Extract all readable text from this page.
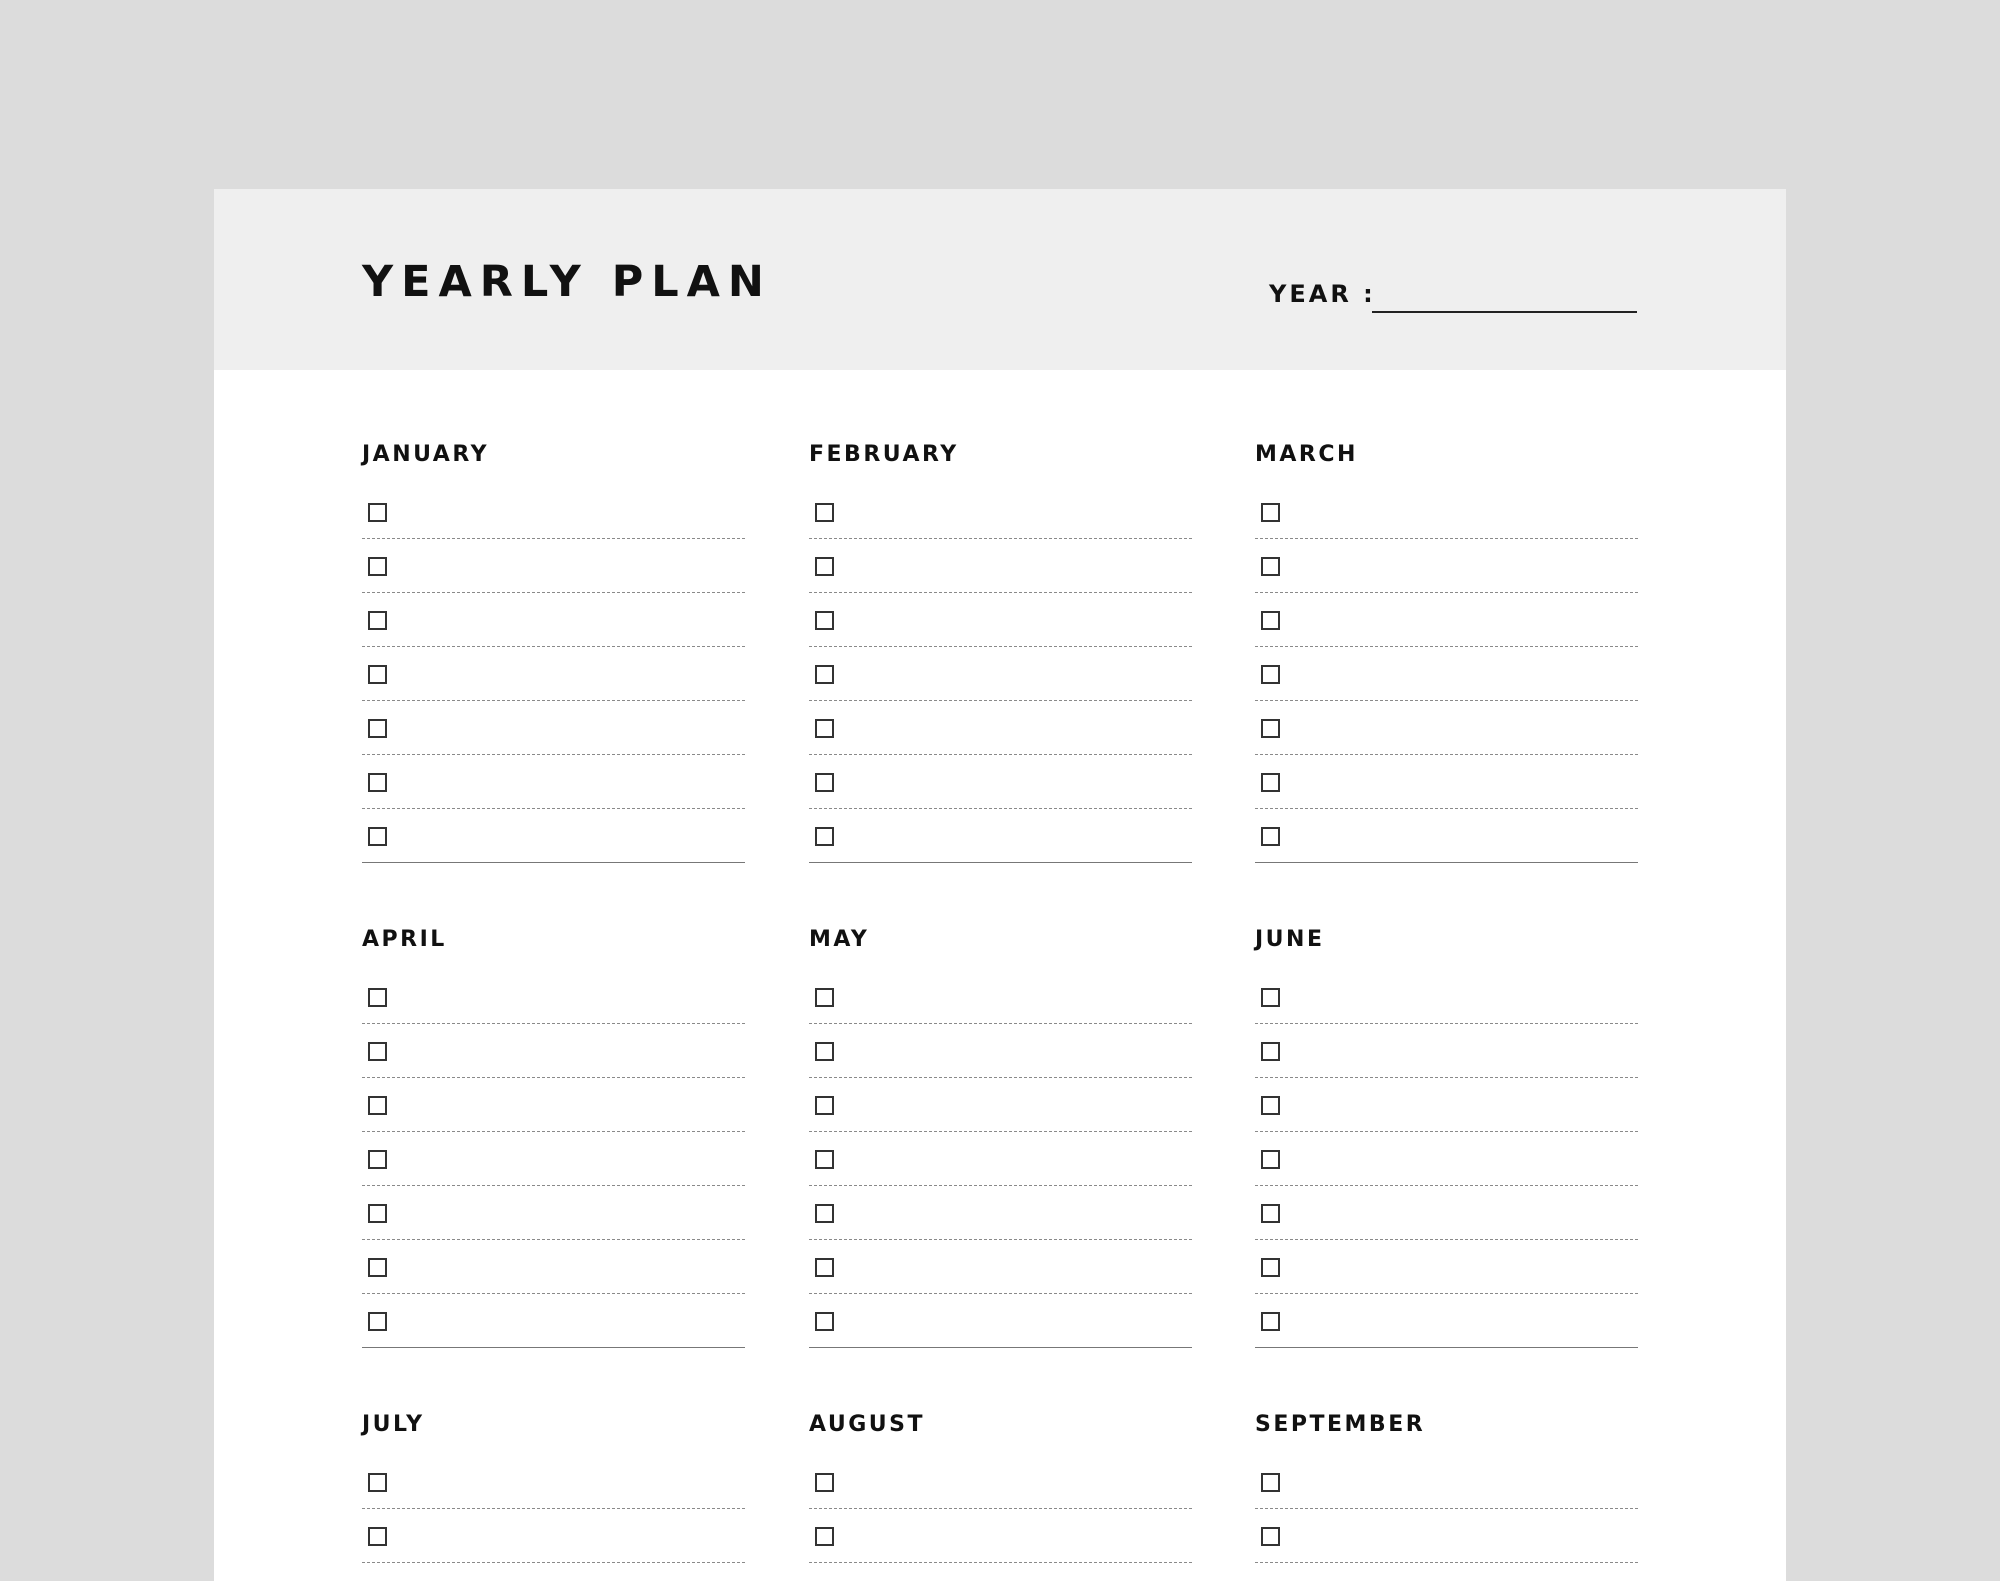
YEARLY PLAN	YEAR :
JANUARY	FEBRUARY	MARCH
APRIL	MAY	JUNE
JULY	AUGUST	SEPTEMBER
